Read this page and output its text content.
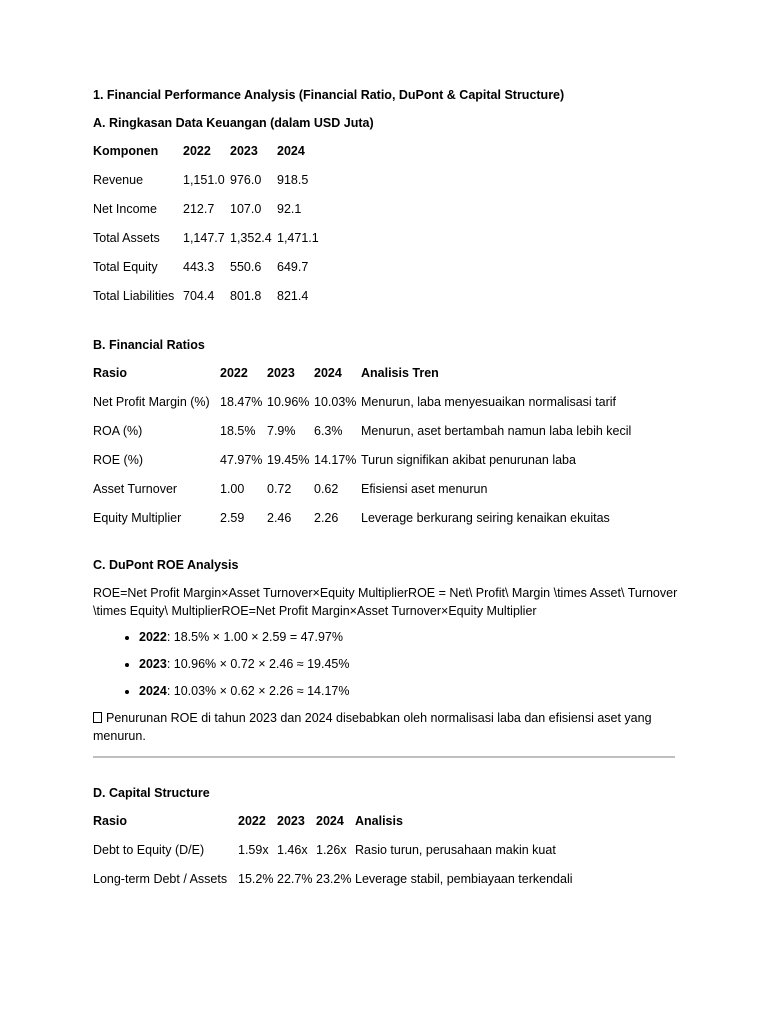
1. Financial Performance Analysis (Financial Ratio, DuPont & Capital Structure)
A. Ringkasan Data Keuangan (dalam USD Juta)
Komponen	2022	2023	2024
Revenue	1,151.0	976.0	918.5
Net Income	212.7	107.0	92.1
Total Assets	1,147.7	1,352.4	1,471.1
Total Equity	443.3	550.6	649.7
Total Liabilities	704.4	801.8	821.4
B. Financial Ratios
Rasio	2022	2023	2024	Analisis Tren
Net Profit Margin (%)	18.47%	10.96%	10.03%	Menurun, laba menyesuaikan normalisasi tarif
ROA (%)	18.5%	7.9%	6.3%	Menurun, aset bertambah namun laba lebih kecil
ROE (%)	47.97%	19.45%	14.17%	Turun signifikan akibat penurunan laba
Asset Turnover	1.00	0.72	0.62	Efisiensi aset menurun
Equity Multiplier	2.59	2.46	2.26	Leverage berkurang seiring kenaikan ekuitas
C. DuPont ROE Analysis

ROE=Net Profit Margin×Asset Turnover×Equity MultiplierROE = Net\ Profit\ Margin \times Asset\ Turnover \times Equity\ MultiplierROE=Net Profit Margin×Asset Turnover×Equity Multiplier

• 2022: 18.5% × 1.00 × 2.59 = 47.97%
• 2023: 10.96% × 0.72 × 2.46 ≈ 19.45%
• 2024: 10.03% × 0.62 × 2.26 ≈ 14.17%

Penurunan ROE di tahun 2023 dan 2024 disebabkan oleh normalisasi laba dan efisiensi aset yang menurun.

D. Capital Structure
Rasio	2022	2023	2024	Analisis
Debt to Equity (D/E)	1.59x	1.46x	1.26x	Rasio turun, perusahaan makin kuat
Long-term Debt / Assets	15.2%	22.7%	23.2%	Leverage stabil, pembiayaan terkendali
